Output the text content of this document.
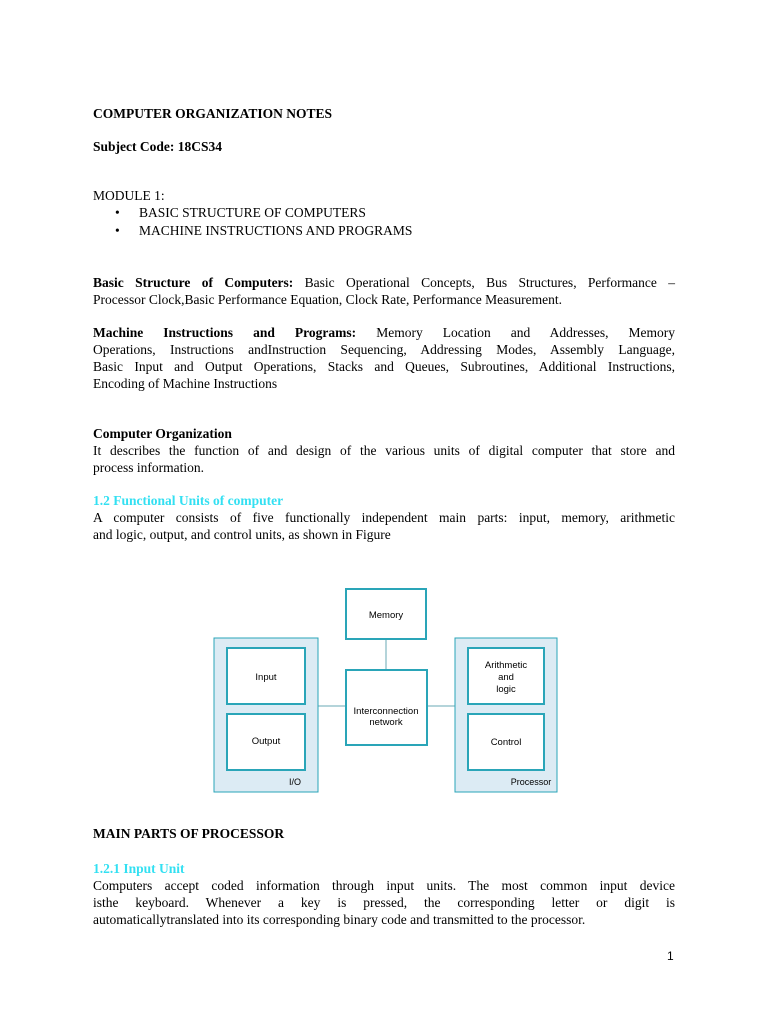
COMPUTER ORGANIZATION NOTES
Subject Code: 18CS34
MODULE 1:
• BASIC STRUCTURE OF COMPUTERS
• MACHINE INSTRUCTIONS AND PROGRAMS
Basic Structure of Computers: Basic Operational Concepts, Bus Structures, Performance –
Processor Clock,Basic Performance Equation, Clock Rate, Performance Measurement.
Machine Instructions and Programs: Memory Location and Addresses, Memory
Operations, Instructions andInstruction Sequencing, Addressing Modes, Assembly Language,
Basic Input and Output Operations, Stacks and Queues, Subroutines, Additional Instructions,
Encoding of Machine Instructions
Computer Organization
It describes the function of and design of the various units of digital computer that store and
process information.
1.2 Functional Units of computer
A computer consists of five functionally independent main parts: input, memory, arithmetic
and logic, output, and control units, as shown in Figure
MAIN PARTS OF PROCESSOR
1.2.1 Input Unit
Computers accept coded information through input units. The most common input device
isthe keyboard. Whenever a key is pressed, the corresponding letter or digit is
automaticallytranslated into its corresponding binary code and transmitted to the processor.
Input
Output
I/O
Memory
Interconnection
network
Arithmetic
and
logic
Control
Processor
1
